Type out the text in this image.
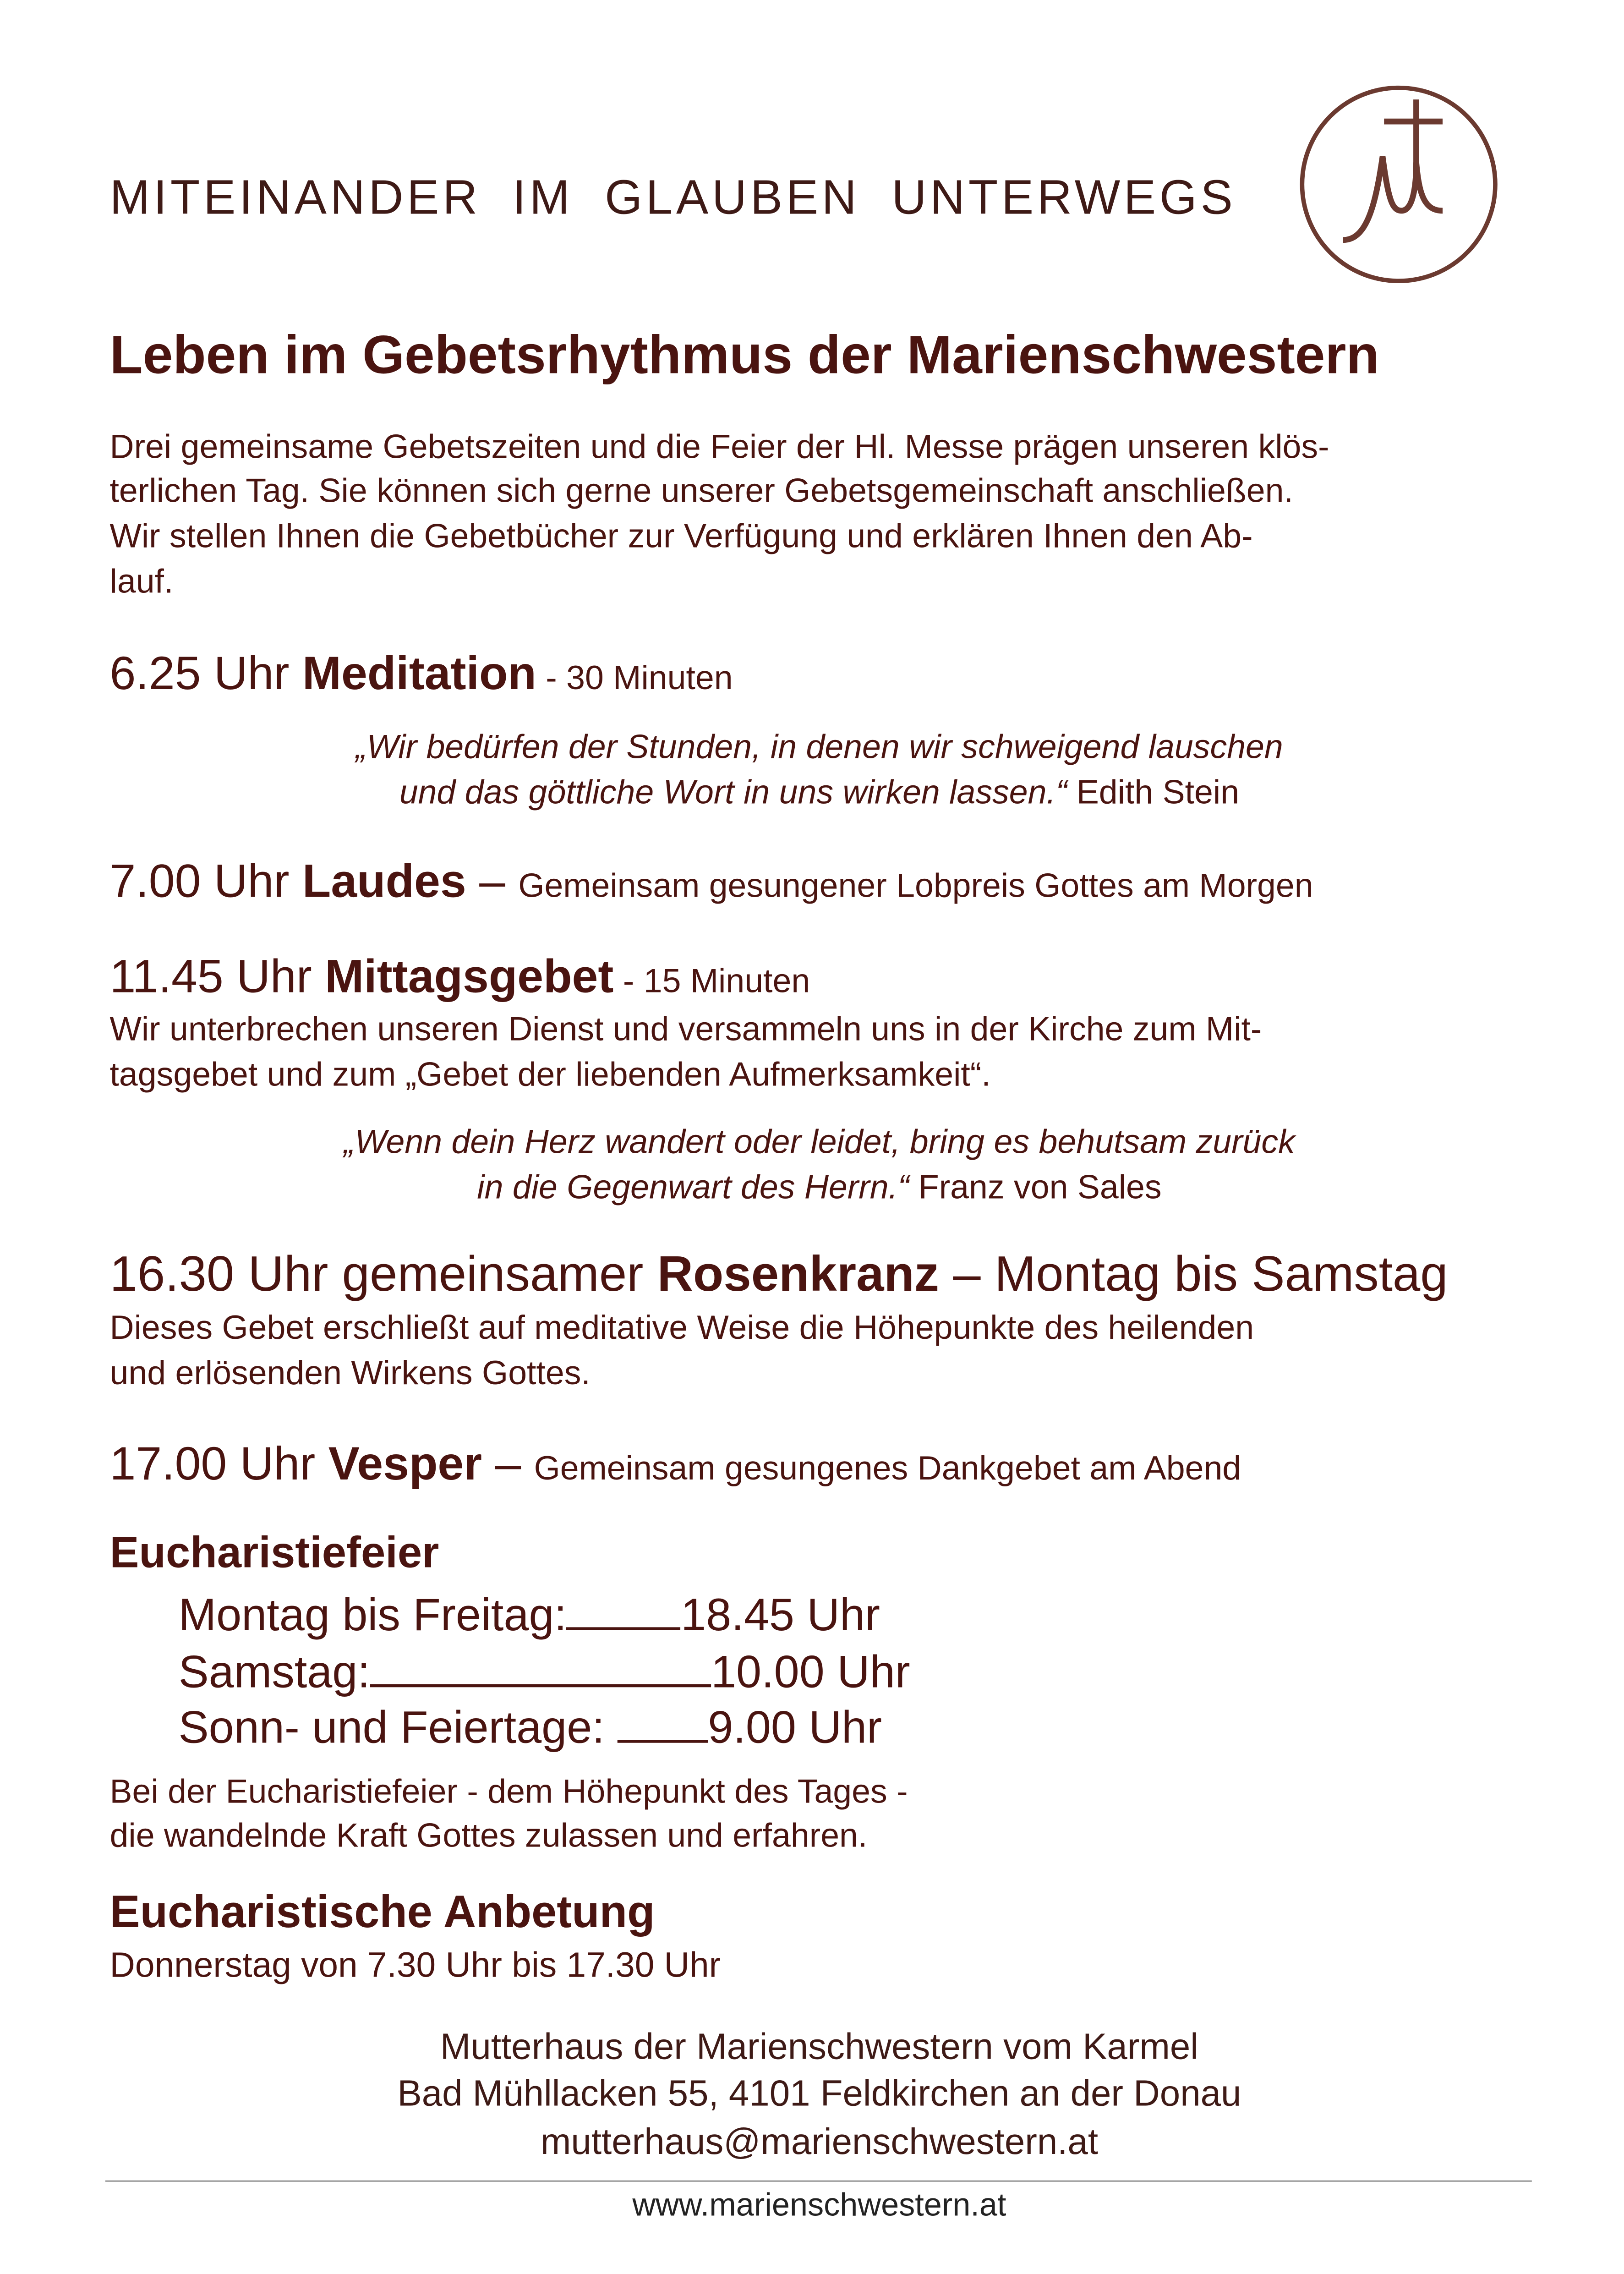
MITEINANDER IM GLAUBEN UNTERWEGS
Leben im Gebetsrhythmus der Marienschwestern
Drei gemeinsame Gebetszeiten und die Feier der Hl. Messe prägen unseren klös-
terlichen Tag. Sie können sich gerne unserer Gebetsgemeinschaft anschließen.
Wir stellen Ihnen die Gebetbücher zur Verfügung und erklären Ihnen den Ab-
lauf.
6.25 Uhr Meditation - 30 Minuten
„Wir bedürfen der Stunden, in denen wir schweigend lauschen
und das göttliche Wort in uns wirken lassen.“ Edith Stein
7.00 Uhr Laudes – Gemeinsam gesungener Lobpreis Gottes am Morgen
11.45 Uhr Mittagsgebet - 15 Minuten
Wir unterbrechen unseren Dienst und versammeln uns in der Kirche zum Mit-
tagsgebet und zum „Gebet der liebenden Aufmerksamkeit“.
„Wenn dein Herz wandert oder leidet, bring es behutsam zurück
in die Gegenwart des Herrn.“ Franz von Sales
16.30 Uhr gemeinsamer Rosenkranz – Montag bis Samstag
Dieses Gebet erschließt auf meditative Weise die Höhepunkte des heilenden
und erlösenden Wirkens Gottes.
17.00 Uhr Vesper – Gemeinsam gesungenes Dankgebet am Abend
Eucharistiefeier
Montag bis Freitag:	18.45 Uhr
Samstag:	10.00 Uhr
Sonn- und Feiertage:	9.00 Uhr
Bei der Eucharistiefeier - dem Höhepunkt des Tages -
die wandelnde Kraft Gottes zulassen und erfahren.
Eucharistische Anbetung
Donnerstag von 7.30 Uhr bis 17.30 Uhr
Mutterhaus der Marienschwestern vom Karmel
Bad Mühllacken 55, 4101 Feldkirchen an der Donau
mutterhaus@marienschwestern.at
www.marienschwestern.at
